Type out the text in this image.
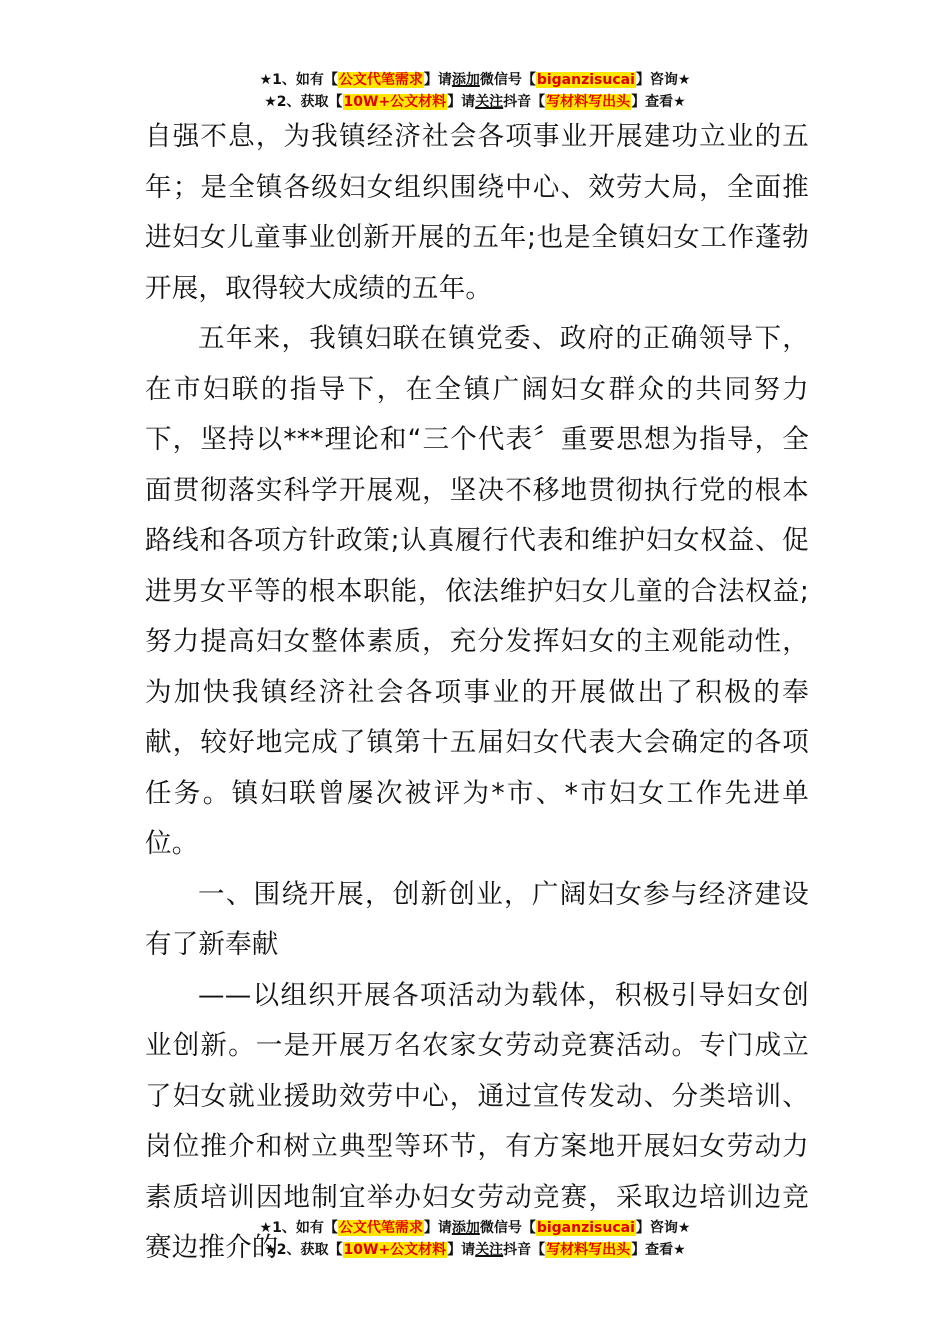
★1、如有【公文代笔需求】请添加微信号【biganzisucai】咨询★
★2、获取【10W+公文材料】请关注抖音【写材料写出头】查看★

自强不息，为我镇经济社会各项事业开展建功立业的五年；是全镇各级妇女组织围绕中心、效劳大局，全面推进妇女儿童事业创新开展的五年;也是全镇妇女工作蓬勃开展，取得较大成绩的五年。

五年来，我镇妇联在镇党委、政府的正确领导下，在市妇联的指导下，在全镇广阔妇女群众的共同努力下，坚持以***理论和“三个代表〞重要思想为指导，全面贯彻落实科学开展观，坚决不移地贯彻执行党的根本路线和各项方针政策;认真履行代表和维护妇女权益、促进男女平等的根本职能，依法维护妇女儿童的合法权益;努力提高妇女整体素质，充分发挥妇女的主观能动性，为加快我镇经济社会各项事业的开展做出了积极的奉献，较好地完成了镇第十五届妇女代表大会确定的各项任务。镇妇联曾屡次被评为*市、*市妇女工作先进单位。

一、围绕开展，创新创业，广阔妇女参与经济建设有了新奉献

——以组织开展各项活动为载体，积极引导妇女创业创新。一是开展万名农家女劳动竞赛活动。专门成立了妇女就业援助效劳中心，通过宣传发动、分类培训、岗位推介和树立典型等环节，有方案地开展妇女劳动力素质培训因地制宜举办妇女劳动竞赛，采取边培训边竞赛边推介的

★1、如有【公文代笔需求】请添加微信号【biganzisucai】咨询★
★2、获取【10W+公文材料】请关注抖音【写材料写出头】查看★
